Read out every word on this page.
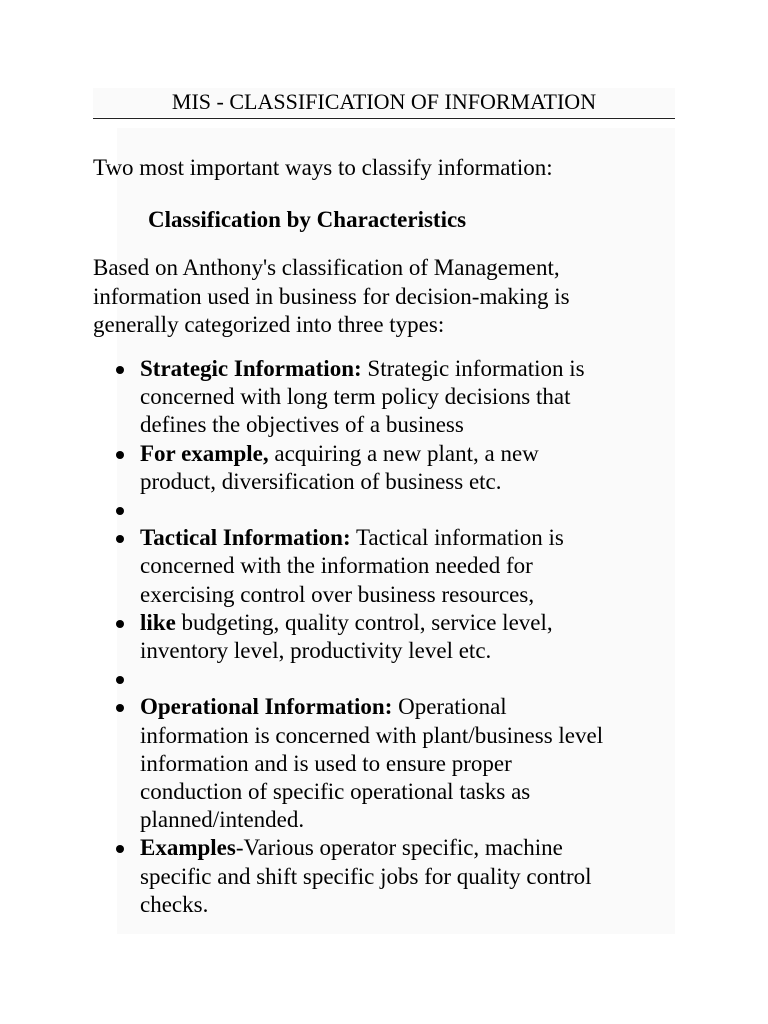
MIS - CLASSIFICATION OF INFORMATION
Two most important ways to classify information:
Classification by Characteristics
Based on Anthony's classification of Management,
information used in business for decision-making is
generally categorized into three types:
Strategic Information: Strategic information is
concerned with long term policy decisions that
defines the objectives of a business
For example, acquiring a new plant, a new
product, diversification of business etc.
Tactical Information: Tactical information is
concerned with the information needed for
exercising control over business resources,
like budgeting, quality control, service level,
inventory level, productivity level etc.
Operational Information: Operational
information is concerned with plant/business level
information and is used to ensure proper
conduction of specific operational tasks as
planned/intended.
Examples-Various operator specific, machine
specific and shift specific jobs for quality control
checks.
